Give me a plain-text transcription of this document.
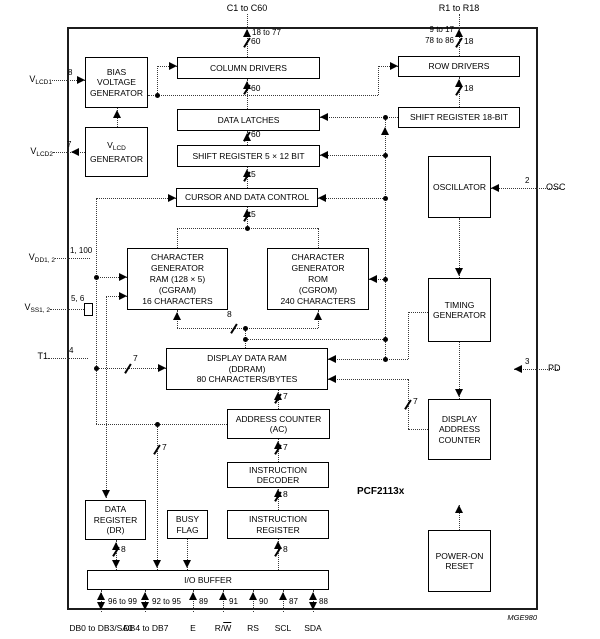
BIAS
VOLTAGE
GENERATOR
$V_{LCD}$
GENERATOR
COLUMN DRIVERS
DATA LATCHES
SHIFT REGISTER 5 × 12 BIT
ROW DRIVERS
SHIFT REGISTER 18-BIT
CURSOR AND DATA CONTROL
CHARACTER
GENERATOR
RAM (128 × 5)
(CGRAM)
16 CHARACTERS
CHARACTER
GENERATOR
ROM
(CGROM)
240 CHARACTERS
OSCILLATOR
TIMING
GENERATOR
DISPLAY DATA RAM
(DDRAM)
80 CHARACTERS/BYTES
ADDRESS COUNTER
(AC)
DISPLAY
ADDRESS
COUNTER
INSTRUCTION
DECODER
INSTRUCTION
REGISTER
DATA
REGISTER
(DR)
BUSY
FLAG
I/O BUFFER
POWER-ON
RESET
C1 to C60	R1 to R18
18 to 77	9 to 17
78 to 86
$V_{LCD1}$
$V_{LCD2}$
$V_{DD1, 2}$
$V_{SS1, 2}$
T1
8
7
1, 100
5, 6
4
OSC
PD
2
3
96 to 99 92 to 95 89	91	90	87	88
DB0 to DB3/SA0
DB4 to DB7	E	$R/\overline{W}$	RS	SCL	SDA
60
60
60
5
5
18
18
8
7
7
7
8
8
8
7
7
PCF2113x
MGE980
